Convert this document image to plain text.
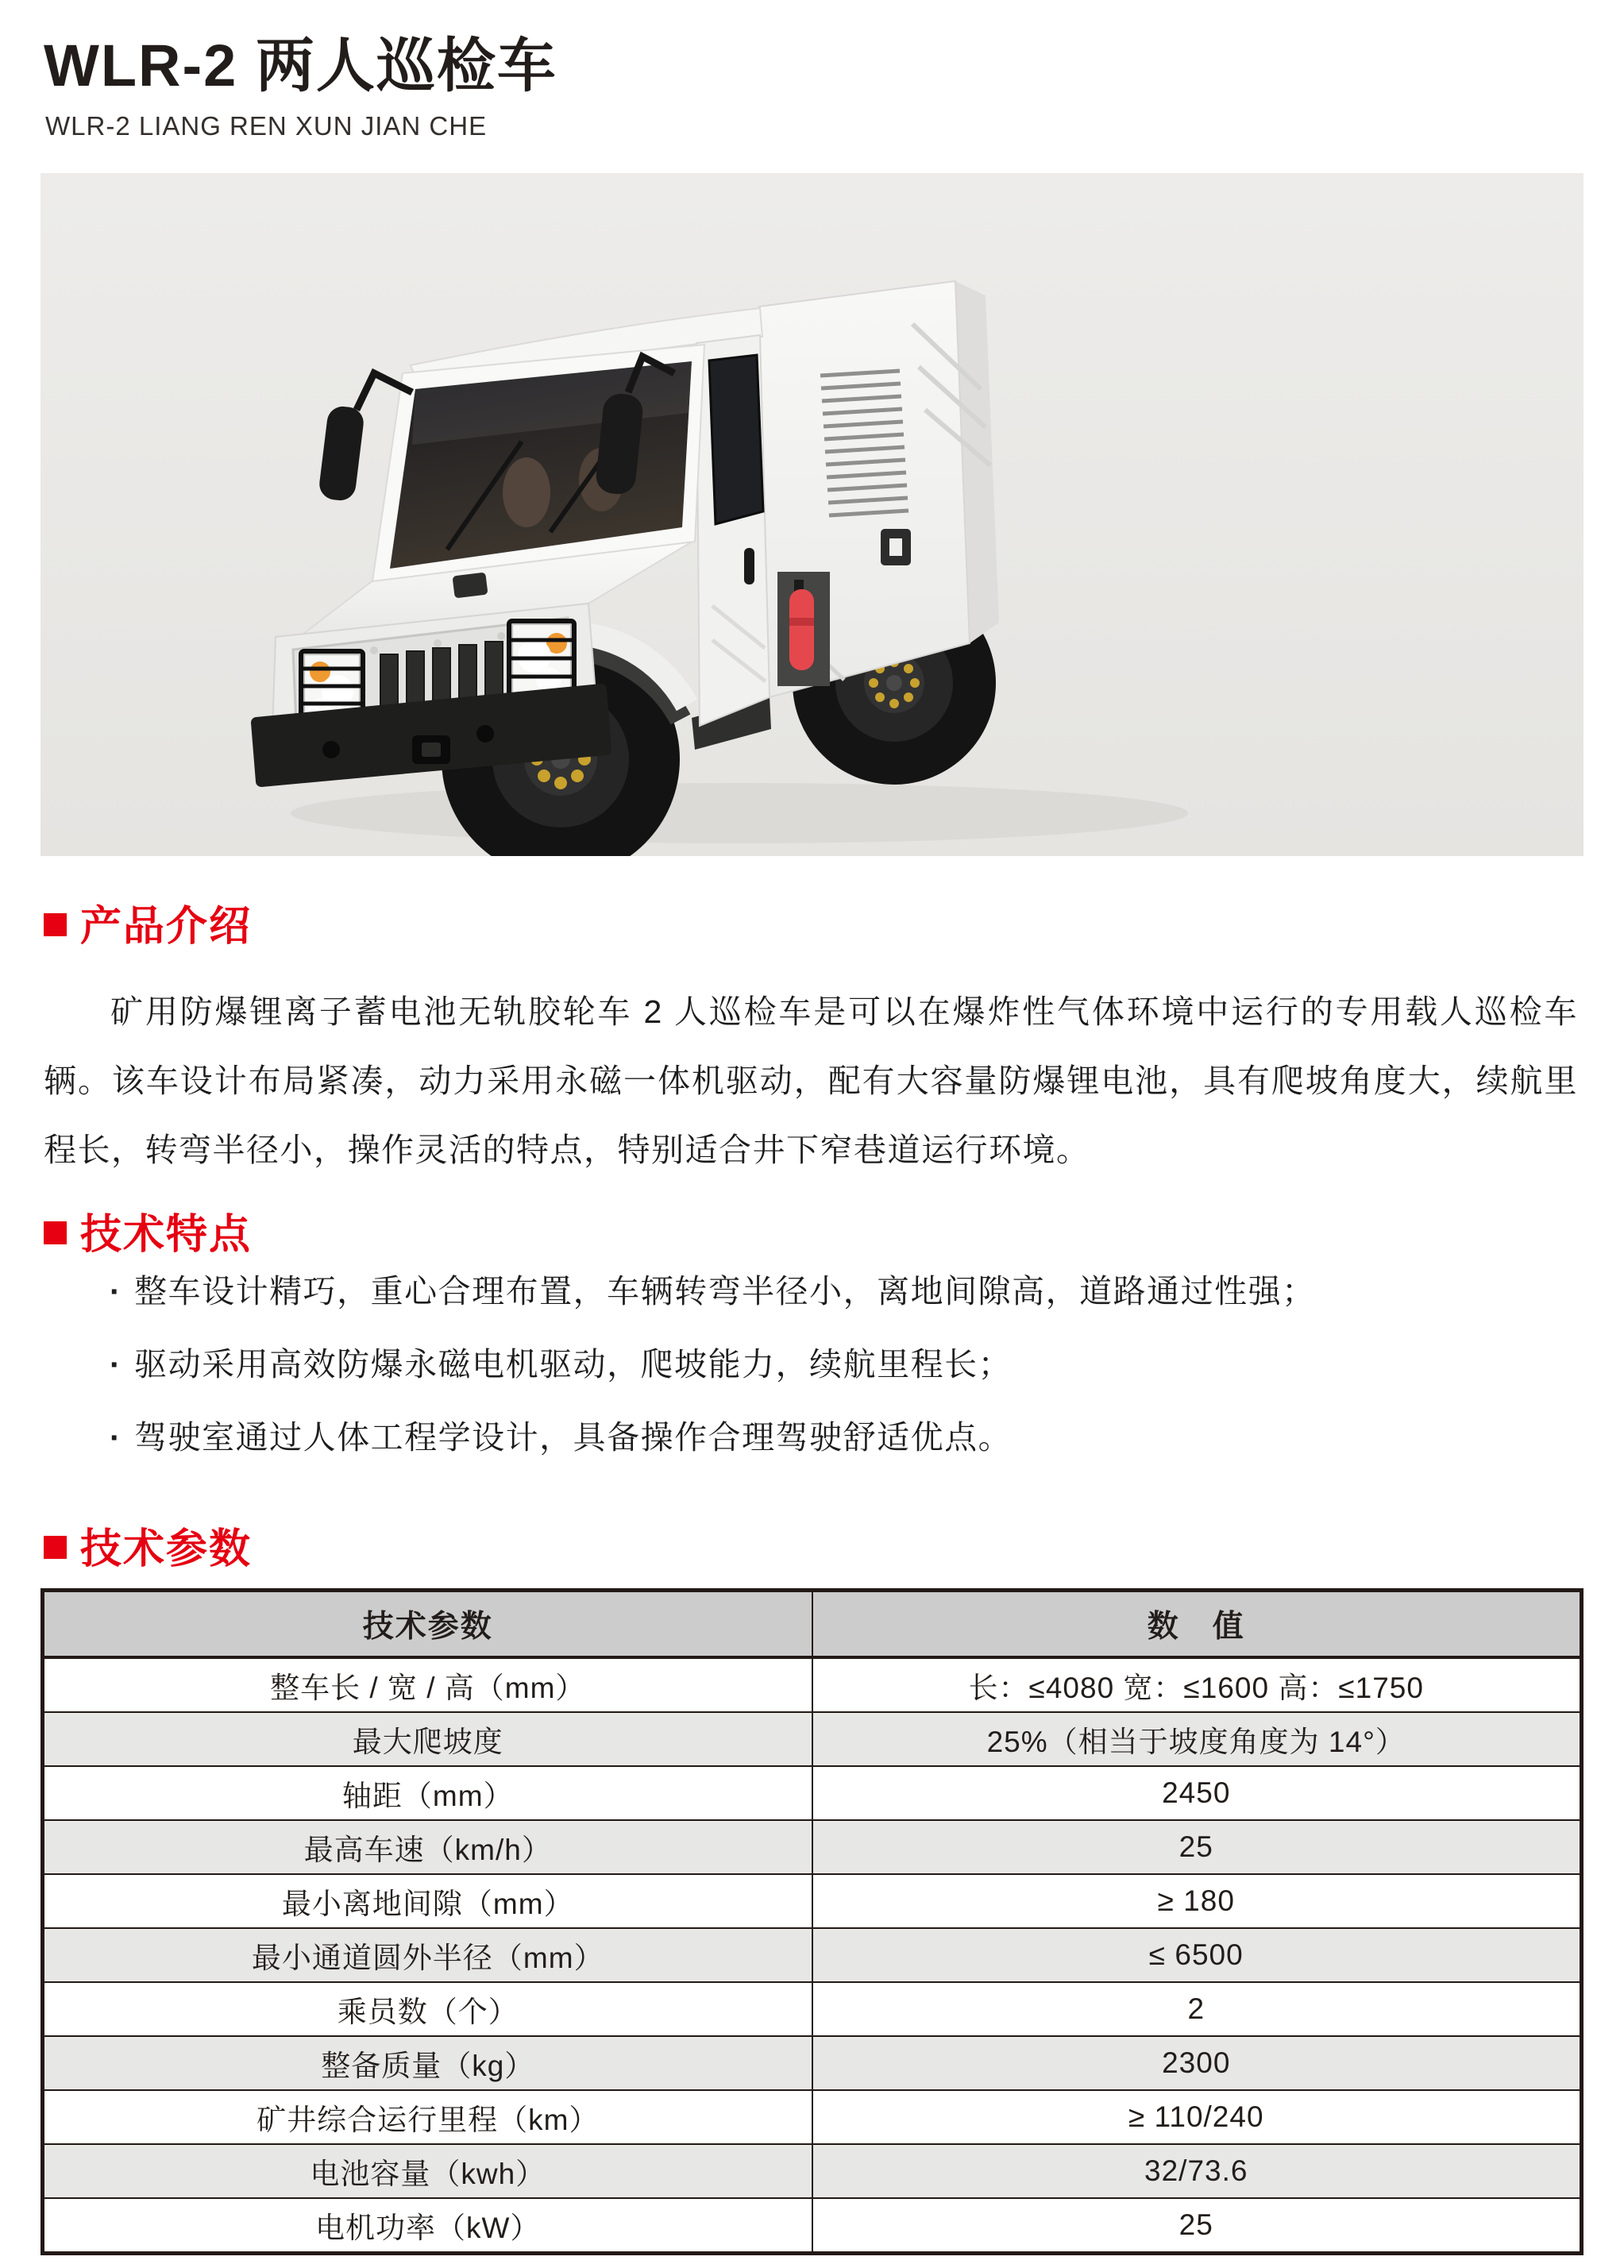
WLR-2 两人巡检车
WLR-2 LIANG REN XUN JIAN CHE
产品介绍

矿用防爆锂离子蓄电池无轨胶轮车 2 人巡检车是可以在爆炸性气体环境中运行的专用载人巡检车辆。该车设计布局紧凑，动力采用永磁一体机驱动，配有大容量防爆锂电池，具有爬坡角度大，续航里程长，转弯半径小，操作灵活的特点，特别适合井下窄巷道运行环境。

技术特点
· 整车设计精巧，重心合理布置，车辆转弯半径小，离地间隙高，道路通过性强；
· 驱动采用高效防爆永磁电机驱动，爬坡能力，续航里程长；
· 驾驶室通过人体工程学设计，具备操作合理驾驶舒适优点。
技术参数
技术参数	数　值
整车长 / 宽 / 高（mm）	长：≤4080 宽：≤1600 高：≤1750
最大爬坡度	25%（相当于坡度角度为 14°）
轴距（mm）	2450
最高车速（km/h）	25
最小离地间隙（mm）	≥ 180
最小通道圆外半径（mm）	≤ 6500
乘员数（个）	2
整备质量（kg）	2300
矿井综合运行里程（km）	≥ 110/240
电池容量（kwh）	32/73.6
电机功率（kW）	25
